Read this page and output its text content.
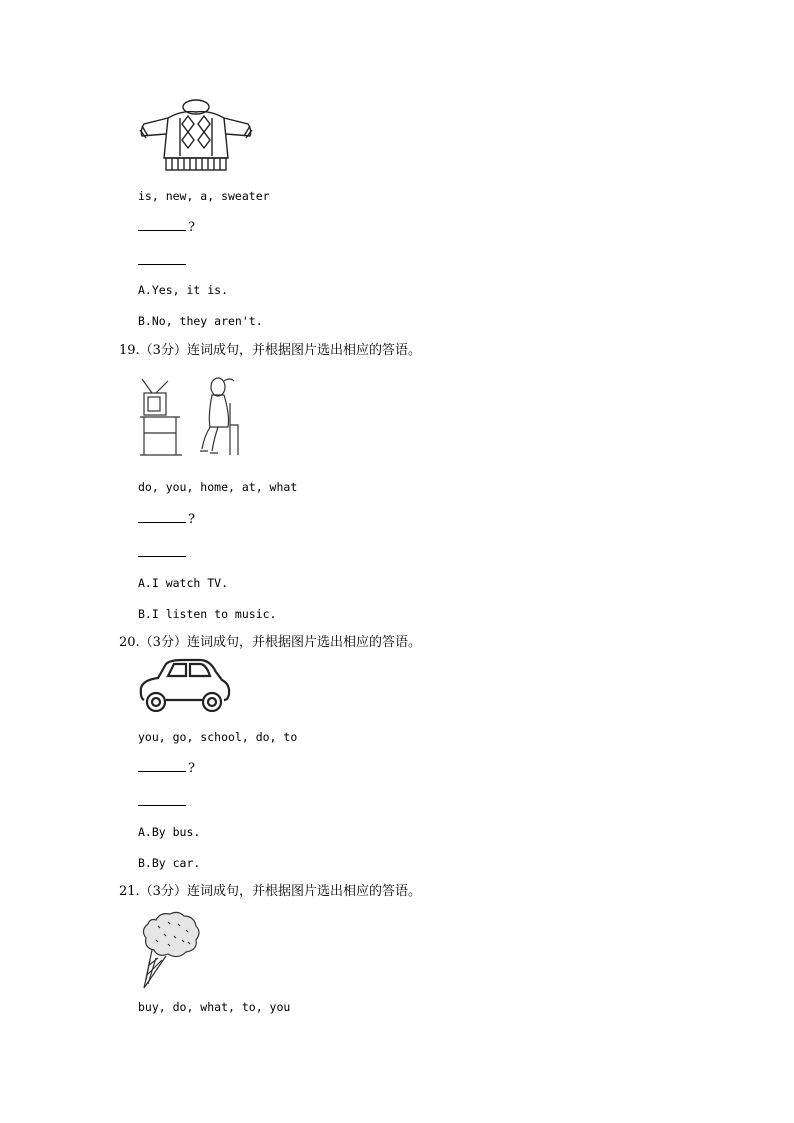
is, new, a, sweater
?
A.Yes, it is.
B.No, they aren't.
19.（3分）连词成句，并根据图片选出相应的答语。
do, you, home, at, what
?
A.I watch TV.
B.I listen to music.
20.（3分）连词成句，并根据图片选出相应的答语。
you, go, school, do, to
?
A.By bus.
B.By car.
21.（3分）连词成句，并根据图片选出相应的答语。
buy, do, what, to, you
